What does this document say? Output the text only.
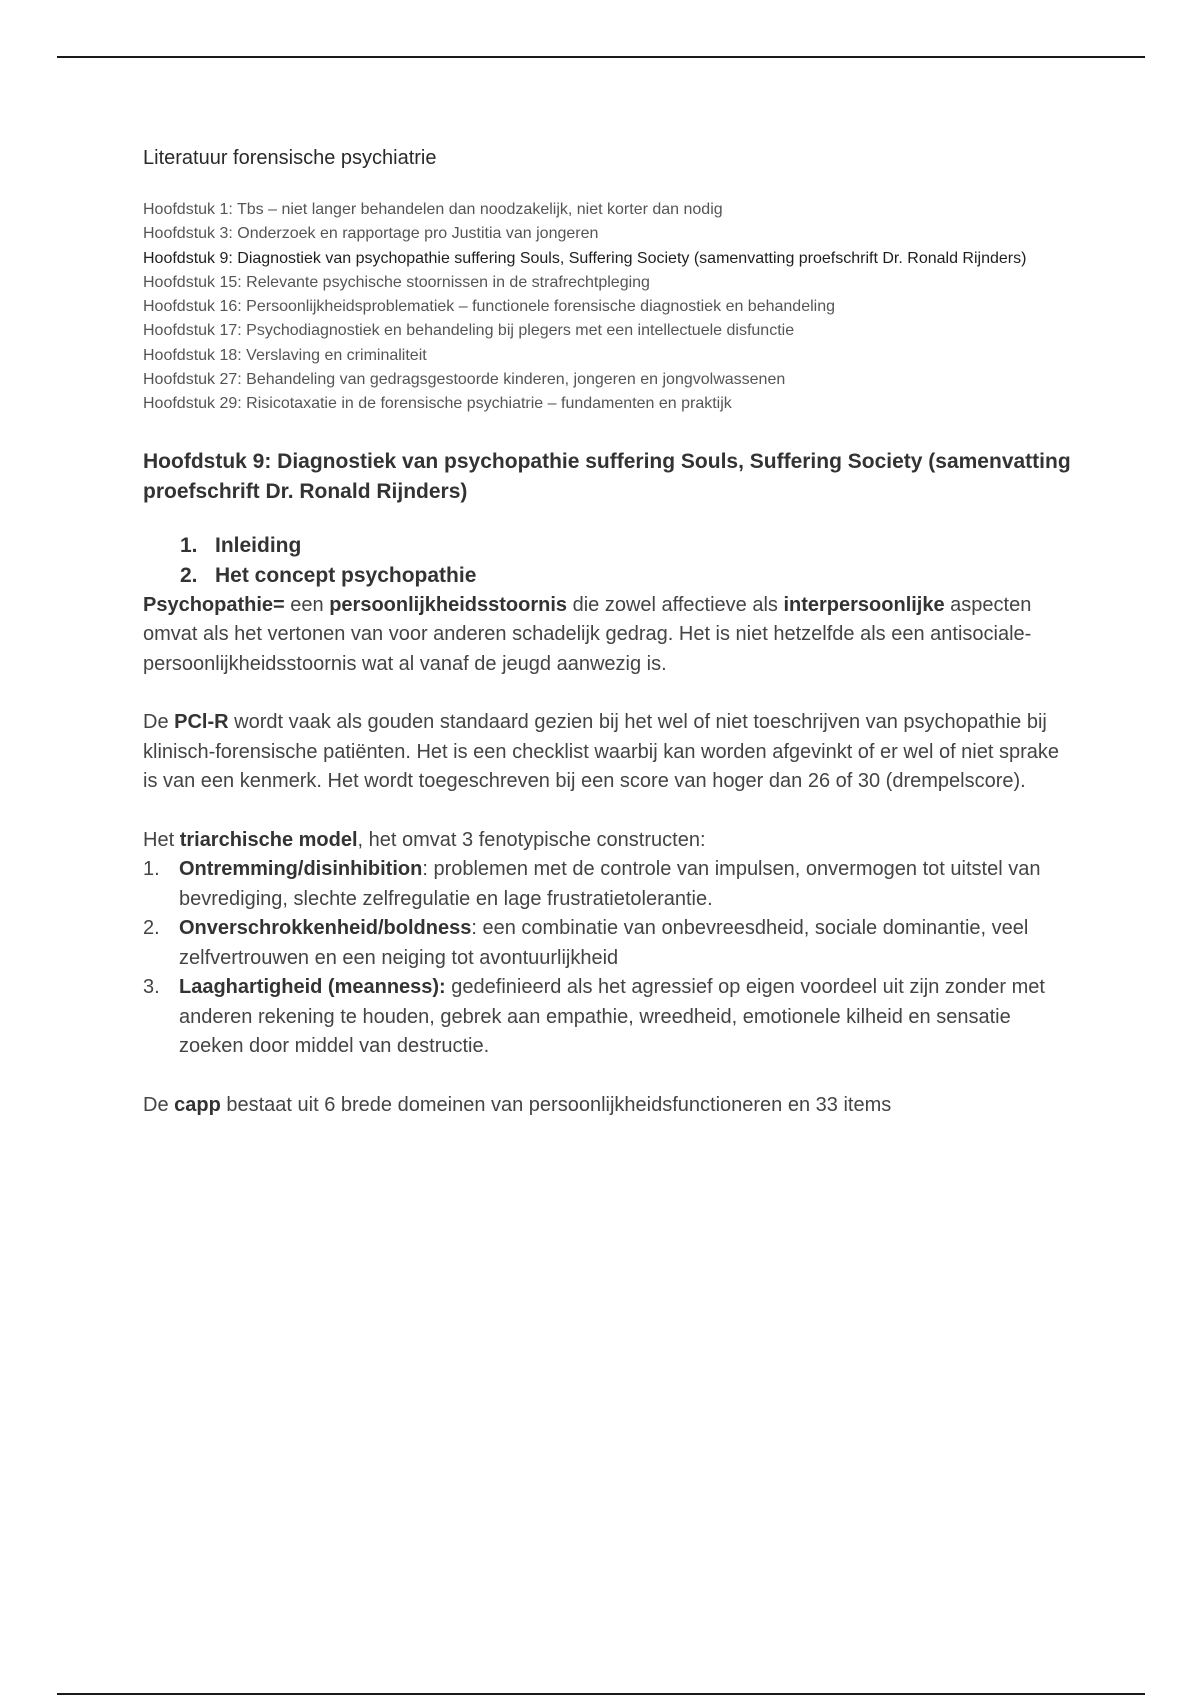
Literatuur forensische psychiatrie
Hoofdstuk 1: Tbs – niet langer behandelen dan noodzakelijk, niet korter dan nodig
Hoofdstuk 3: Onderzoek en rapportage pro Justitia van jongeren
Hoofdstuk 9: Diagnostiek van psychopathie suffering Souls, Suffering Society (samenvatting proefschrift Dr. Ronald Rijnders)
Hoofdstuk 15: Relevante psychische stoornissen in de strafrechtpleging
Hoofdstuk 16: Persoonlijkheidsproblematiek – functionele forensische diagnostiek en behandeling
Hoofdstuk 17: Psychodiagnostiek en behandeling bij plegers met een intellectuele disfunctie
Hoofdstuk 18: Verslaving en criminaliteit
Hoofdstuk 27: Behandeling van gedragsgestoorde kinderen, jongeren en jongvolwassenen
Hoofdstuk 29: Risicotaxatie in de forensische psychiatrie – fundamenten en praktijk
Hoofdstuk 9: Diagnostiek van psychopathie suffering Souls, Suffering Society (samenvatting proefschrift Dr. Ronald Rijnders)
1. Inleiding
2. Het concept psychopathie

Psychopathie= een persoonlijkheidsstoornis die zowel affectieve als interpersoonlijke aspecten omvat als het vertonen van voor anderen schadelijk gedrag. Het is niet hetzelfde als een antisociale-persoonlijkheidsstoornis wat al vanaf de jeugd aanwezig is.

De PCl-R wordt vaak als gouden standaard gezien bij het wel of niet toeschrijven van psychopathie bij klinisch-forensische patiënten. Het is een checklist waarbij kan worden afgevinkt of er wel of niet sprake is van een kenmerk. Het wordt toegeschreven bij een score van hoger dan 26 of 30 (drempelscore).

Het triarchische model, het omvat 3 fenotypische constructen:

1. Ontremming/disinhibition: problemen met de controle van impulsen, onvermogen tot uitstel van bevrediging, slechte zelfregulatie en lage frustratietolerantie.
2. Onverschrokkenheid/boldness: een combinatie van onbevreesdheid, sociale dominantie, veel zelfvertrouwen en een neiging tot avontuurlijkheid
3. Laaghartigheid (meanness): gedefinieerd als het agressief op eigen voordeel uit zijn zonder met anderen rekening te houden, gebrek aan empathie, wreedheid, emotionele kilheid en sensatie zoeken door middel van destructie.

De capp bestaat uit 6 brede domeinen van persoonlijkheidsfunctioneren en 33 items
